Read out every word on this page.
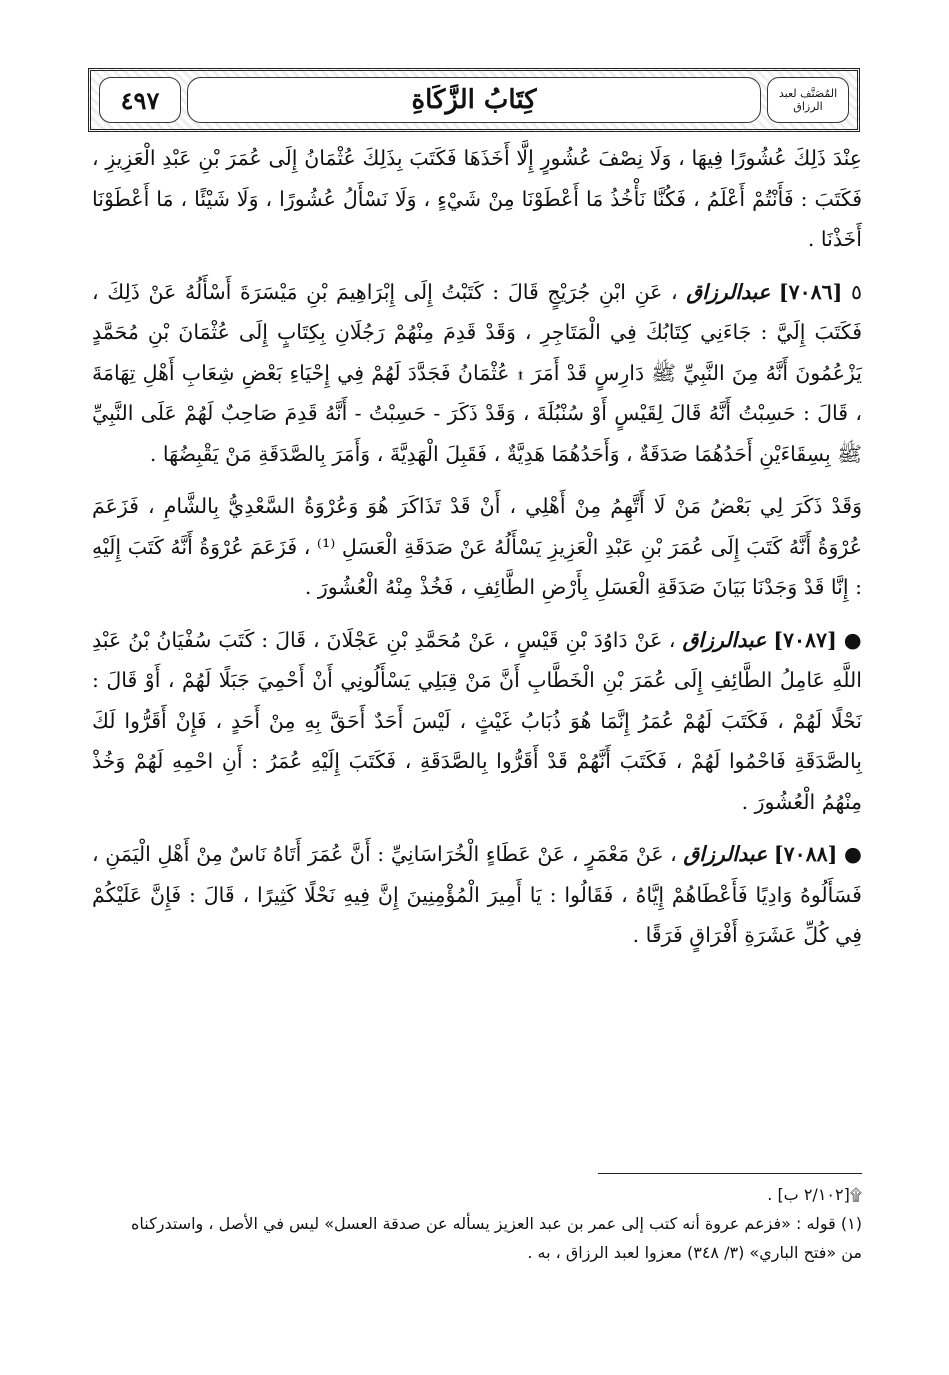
٤٩٧	كِتَابُ الزَّكَاةِ	المُصَنَّف لعبد الرزاق

عِنْدَ ذَلِكَ عُشُورًا فِيهَا ، وَلَا نِصْفَ عُشُورٍ إِلَّا أَخَذَهَا فَكَتَبَ بِذَلِكَ عُثْمَانُ إِلَى عُمَرَ بْنِ عَبْدِ الْعَزِيزِ ، فَكَتَبَ : فَأَنْتُمْ أَعْلَمُ ، فَكُنَّا نَأْخُذُ مَا أَعْطَوْنَا مِنْ شَيْءٍ ، وَلَا نَسْأَلُ عُشُورًا ، وَلَا شَيْئًا ، مَا أَعْطَوْنَا أَخَذْنَا .

٥ [٧٠٨٦] عبدالرزاق ، عَنِ ابْنِ جُرَيْجٍ قَالَ : كَتَبْتُ إِلَى إِبْرَاهِيمَ بْنِ مَيْسَرَةَ أَسْأَلُهُ عَنْ ذَلِكَ ، فَكَتَبَ إِلَيَّ : جَاءَنِي كِتَابُكَ فِي الْمَتَاجِرِ ، وَقَدْ قَدِمَ مِنْهُمْ رَجُلَانِ بِكِتَابٍ إِلَى عُثْمَانَ بْنِ مُحَمَّدٍ يَزْعُمُونَ أَنَّهُ مِنَ النَّبِيِّ ﷺ دَارِسٍ قَدْ أَمَرَ ۩ عُثْمَانُ فَجَدَّدَ لَهُمْ فِي إِحْيَاءِ بَعْضِ شِعَابِ أَهْلِ تِهَامَةَ ، قَالَ : حَسِبْتُ أَنَّهُ قَالَ لِقَيْسٍ أَوْ سُنْبُلَةَ ، وَقَدْ ذَكَرَ - حَسِبْتُ - أَنَّهُ قَدِمَ صَاحِبٌ لَهُمْ عَلَى النَّبِيِّ ﷺ بِسِقَاءَيْنِ أَحَدُهُمَا صَدَقَةٌ ، وَأَحَدُهُمَا هَدِيَّةٌ ، فَقَبِلَ الْهَدِيَّةَ ، وَأَمَرَ بِالصَّدَقَةِ مَنْ يَقْبِضُهَا .

وَقَدْ ذَكَرَ لِي بَعْضُ مَنْ لَا أَتَّهِمُ مِنْ أَهْلِي ، أَنْ قَدْ تَذَاكَرَ هُوَ وَعُرْوَةُ السَّعْدِيُّ بِالشَّامِ ، فَزَعَمَ عُرْوَةُ أَنَّهُ كَتَبَ إِلَى عُمَرَ بْنِ عَبْدِ الْعَزِيزِ يَسْأَلُهُ عَنْ صَدَقَةِ الْعَسَلِ ⁽¹⁾ ، فَزَعَمَ عُرْوَةُ أَنَّهُ كَتَبَ إِلَيْهِ : إِنَّا قَدْ وَجَدْنَا بَيَانَ صَدَقَةِ الْعَسَلِ بِأَرْضِ الطَّائِفِ ، فَخُذْ مِنْهُ الْعُشُورَ .

● [٧٠٨٧] عبدالرزاق ، عَنْ دَاوُدَ بْنِ قَيْسٍ ، عَنْ مُحَمَّدِ بْنِ عَجْلَانَ ، قَالَ : كَتَبَ سُفْيَانُ بْنُ عَبْدِ اللَّهِ عَامِلُ الطَّائِفِ إِلَى عُمَرَ بْنِ الْخَطَّابِ أَنَّ مَنْ قِبَلِي يَسْأَلُونِي أَنْ أَحْمِيَ جَبَلًا لَهُمْ ، أَوْ قَالَ : نَحْلًا لَهُمْ ، فَكَتَبَ لَهُمْ عُمَرُ إِنَّمَا هُوَ ذُبَابُ غَيْثٍ ، لَيْسَ أَحَدٌ أَحَقَّ بِهِ مِنْ أَحَدٍ ، فَإِنْ أَقَرُّوا لَكَ بِالصَّدَقَةِ فَاحْمُوا لَهُمْ ، فَكَتَبَ أَنَّهُمْ قَدْ أَقَرُّوا بِالصَّدَقَةِ ، فَكَتَبَ إِلَيْهِ عُمَرُ : أَنِ احْمِهِ لَهُمْ وَخُذْ مِنْهُمُ الْعُشُورَ .

● [٧٠٨٨] عبدالرزاق ، عَنْ مَعْمَرٍ ، عَنْ عَطَاءٍ الْخُرَاسَانِيِّ : أَنَّ عُمَرَ أَتَاهُ نَاسٌ مِنْ أَهْلِ الْيَمَنِ ، فَسَأَلُوهُ وَادِيًا فَأَعْطَاهُمْ إِيَّاهُ ، فَقَالُوا : يَا أَمِيرَ الْمُؤْمِنِينَ إِنَّ فِيهِ نَحْلًا كَثِيرًا ، قَالَ : فَإِنَّ عَلَيْكُمْ فِي كُلِّ عَشَرَةِ أَفْرَاقٍ فَرَقًا .

۩[٢/١٠٢ ب] .

(١) قوله : «فزعم عروة أنه كتب إلى عمر بن عبد العزيز يسأله عن صدقة العسل» ليس في الأصل ، واستدركناه

من «فتح الباري» (٣/ ٣٤٨) معزوا لعبد الرزاق ، به .
